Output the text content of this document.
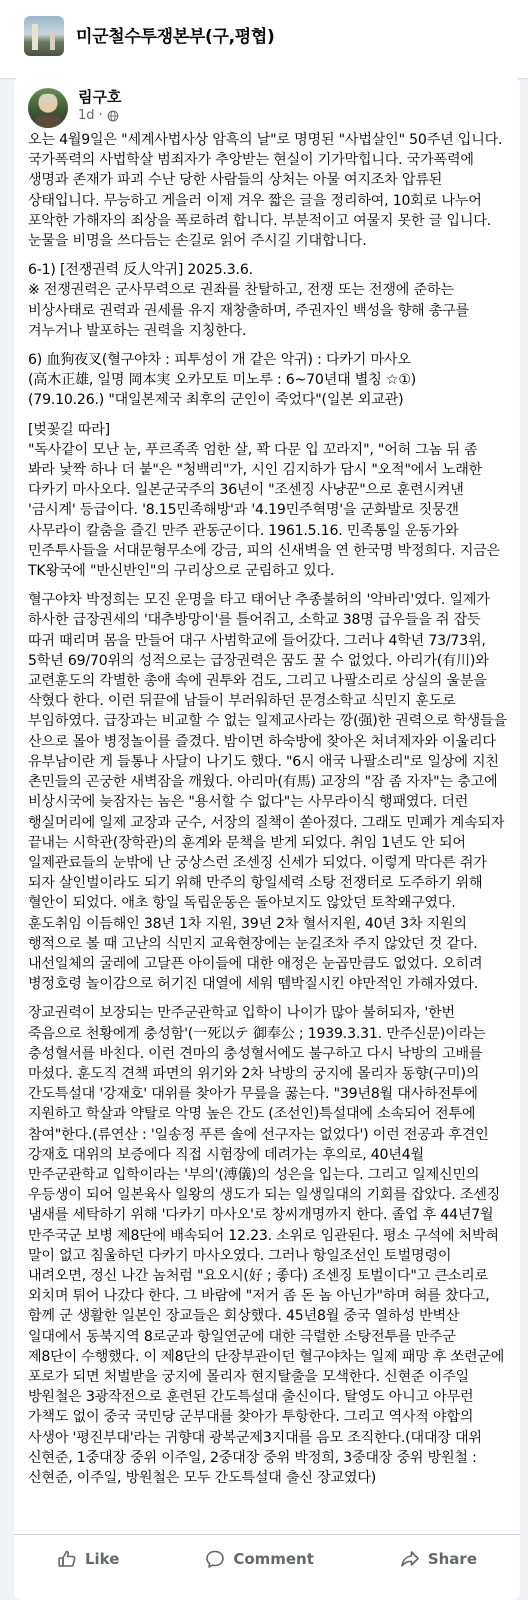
미군철수투쟁본부(구,평협)
림구호
1d ·

오는 4월9일은 "세계사법사상 암흑의 날"로 명명된 "사법살인" 50주년 입니다. 국가폭력의 사법학살 범죄자가 추앙받는 현실이 기가막힙니다. 국가폭력에 생명과 존재가 파괴 수난 당한 사람들의 상처는 아물 여지조차 압류된 상태입니다. 무능하고 게을러 이제 겨우 짧은 글을 정리하여, 10회로 나누어 포악한 가해자의 죄상을 폭로하려 합니다. 부분적이고 여물지 못한 글 입니다. 눈물을 비명을 쓰다듬는 손길로 읽어 주시길 기대합니다.

6-1) [전쟁권력 反人악귀] 2025.3.6.
※ 전쟁권력은 군사무력으로 권좌를 찬탈하고, 전쟁 또는 전쟁에 준하는 비상사태로 권력과 권세를 유지 재창출하며, 주권자인 백성을 향해 총구를 겨누거나 발포하는 권력을 지칭한다.

6) 血狗夜叉(혈구야차 : 피투성이 개 같은 악귀) : 다카기 마사오
(高木正雄, 일명 岡本実 오카모토 미노루 : 6~70년대 별칭 ☆①)
(79.10.26.) "대일본제국 최후의 군인이 죽었다"(일본 외교관)

[벚꽃길 따라]
"독사같이 모난 눈, 푸르족족 엄한 살, 꽉 다문 입 꼬라지", "어허 그놈 뒤 좀 봐라 낯짝 하나 더 붙"은 "청백리"가, 시인 김지하가 담시 "오적"에서 노래한 다카기 마사오다. 일본군국주의 36년이 "조센징 사냥꾼"으로 훈련시켜낸 '금시계' 등급이다. '8.15민족해방'과 '4.19민주혁명'을 군화발로 짓뭉갠 사무라이 칼춤을 즐긴 만주 관동군이다. 1961.5.16. 민족통일 운동가와 민주투사들을 서대문형무소에 강금, 피의 신새벽을 연 한국명 박정희다. 지금은 TK왕국에 "반신반인"의 구리상으로 군림하고 있다.

혈구야차 박정희는 모진 운명을 타고 태어난 추종불허의 '악바리'였다. 일제가 하사한 급장권세의 '대추방망이'를 틀어쥐고, 소학교 38명 급우들을 쥐 잡듯 따귀 때리며 몸을 만들어 대구 사범학교에 들어갔다. 그러나 4학년 73/73위, 5학년 69/70위의 성적으로는 급장권력은 꿈도 꿀 수 없었다. 아리가(有川)와 교련훈도의 각별한 총애 속에 권투와 검도, 그리고 나팔소리로 상실의 울분을 삭혔다 한다. 이런 뒤끝에 남들이 부러워하던 문경소학교 식민지 훈도로 부임하였다. 급장과는 비교할 수 없는 일제교사라는 깡(强)한 권력으로 학생들을 산으로 몰아 병정놀이를 즐겼다. 밤이면 하숙방에 찾아온 처녀제자와 이울리다 유부남이란 게 들통나 사달이 나기도 했다. "6시 애국 나팔소리"로 일상에 지친 촌민들의 곤궁한 새벽잠을 깨웠다. 아리마(有馬) 교장의 "잠 좀 자자"는 충고에 비상시국에 늦잠자는 놈은 "용서할 수 없다"는 사무라이식 행패였다. 더런 행실머리에 일제 교장과 군수, 서장의 질책이 쏟아졌다. 그래도 민폐가 계속되자 끝내는 시학관(장학관)의 훈계와 문책을 받게 되었다. 취임 1년도 안 되어 일제관료들의 눈밖에 난 궁상스런 조센징 신세가 되었다. 이렇게 막다른 쥐가 되자 살인벌이라도 되기 위해 만주의 항일세력 소탕 전쟁터로 도주하기 위해 혈안이 되었다. 애초 항일 독립운동은 돌아보지도 않았던 토착왜구였다. 훈도취임 이듬해인 38년 1차 지원, 39년 2차 혈서지원, 40년 3차 지원의 행적으로 볼 때 고난의 식민지 교육현장에는 눈길조차 주지 않았던 것 같다. 내선일체의 굴레에 고달픈 아이들에 대한 애정은 눈곱만큼도 없었다. 오히려 병정호령 놀이감으로 허기진 대열에 세워 뗌박질시킨 야만적인 가해자였다.

장교권력이 보장되는 만주군관학교 입학이 나이가 많아 불허되자, '한번 죽음으로 천황에게 충성함'(一死以テ 御奉公 ; 1939.3.31. 만주신문)이라는 충성혈서를 바친다. 이런 견마의 충성혈서에도 불구하고 다시 낙방의 고배를 마셨다. 훈도직 견책 파면의 위기와 2차 낙방의 궁지에 몰리자 동향(구미)의 간도특설대 '강재호' 대위를 찾아가 무릎을 꿇는다. "39년8월 대사하전투에 지원하고 학살과 약탈로 악명 높은 간도 (조선인)특설대에 소속되어 전투에 참여"한다.(류연산 : '일송정 푸른 솔에 선구자는 없었다') 이런 전공과 후견인 강재호 대위의 보증에다 직접 시험장에 데려가는 후의로, 40년4월 만주군관학교 입학이라는 '부의'(溥儀)의 성은을 입는다. 그리고 일제신민의 우등생이 되어 일본육사 일왕의 생도가 되는 일생일대의 기회를 잡았다. 조센징 냄새를 세탁하기 위해 '다카기 마사오'로 창씨개명까지 한다. 졸업 후 44년7월 만주국군 보병 제8단에 배속되어 12.23. 소위로 임관된다. 평소 구석에 처박혀 말이 없고 침울하던 다카기 마사오였다. 그러나 항일조선인 토벌명령이 내려오면, 정신 나간 놈처럼 "요오시(好 ; 좋다) 조센징 토벌이다"고 큰소리로 외치며 튀어 나갔다 한다. 그 바람에 "저거 좀 돈 놈 아닌가"하며 혀를 찼다고, 함께 군 생활한 일본인 장교들은 회상했다. 45년8월 중국 열하성 반벽산 일대에서 동북지역 8로군과 항일연군에 대한 극렬한 소탕전투를 만주군 제8단이 수행했다. 이 제8단의 단장부관이던 혈구야차는 일제 패망 후 쏘련군에 포로가 되면 처벌받을 궁지에 몰리자 현지탈출을 모색한다. 신현준 이주일 방원철은 3광작전으로 훈련된 간도특설대 출신이다. 탈영도 아니고 아무런 가책도 없이 중국 국민당 군부대를 찾아가 투항한다. 그리고 역사적 야합의 사생아 '평진부대'라는 귀향대 광복군제3지대를 음모 조직한다.(대대장 대위 신현준, 1중대장 중위 이주일, 2중대장 중위 박정희, 3중대장 중위 방원철 : 신현준, 이주일, 방원철은 모두 간도특설대 출신 장교였다)

Like	Comment	Share
